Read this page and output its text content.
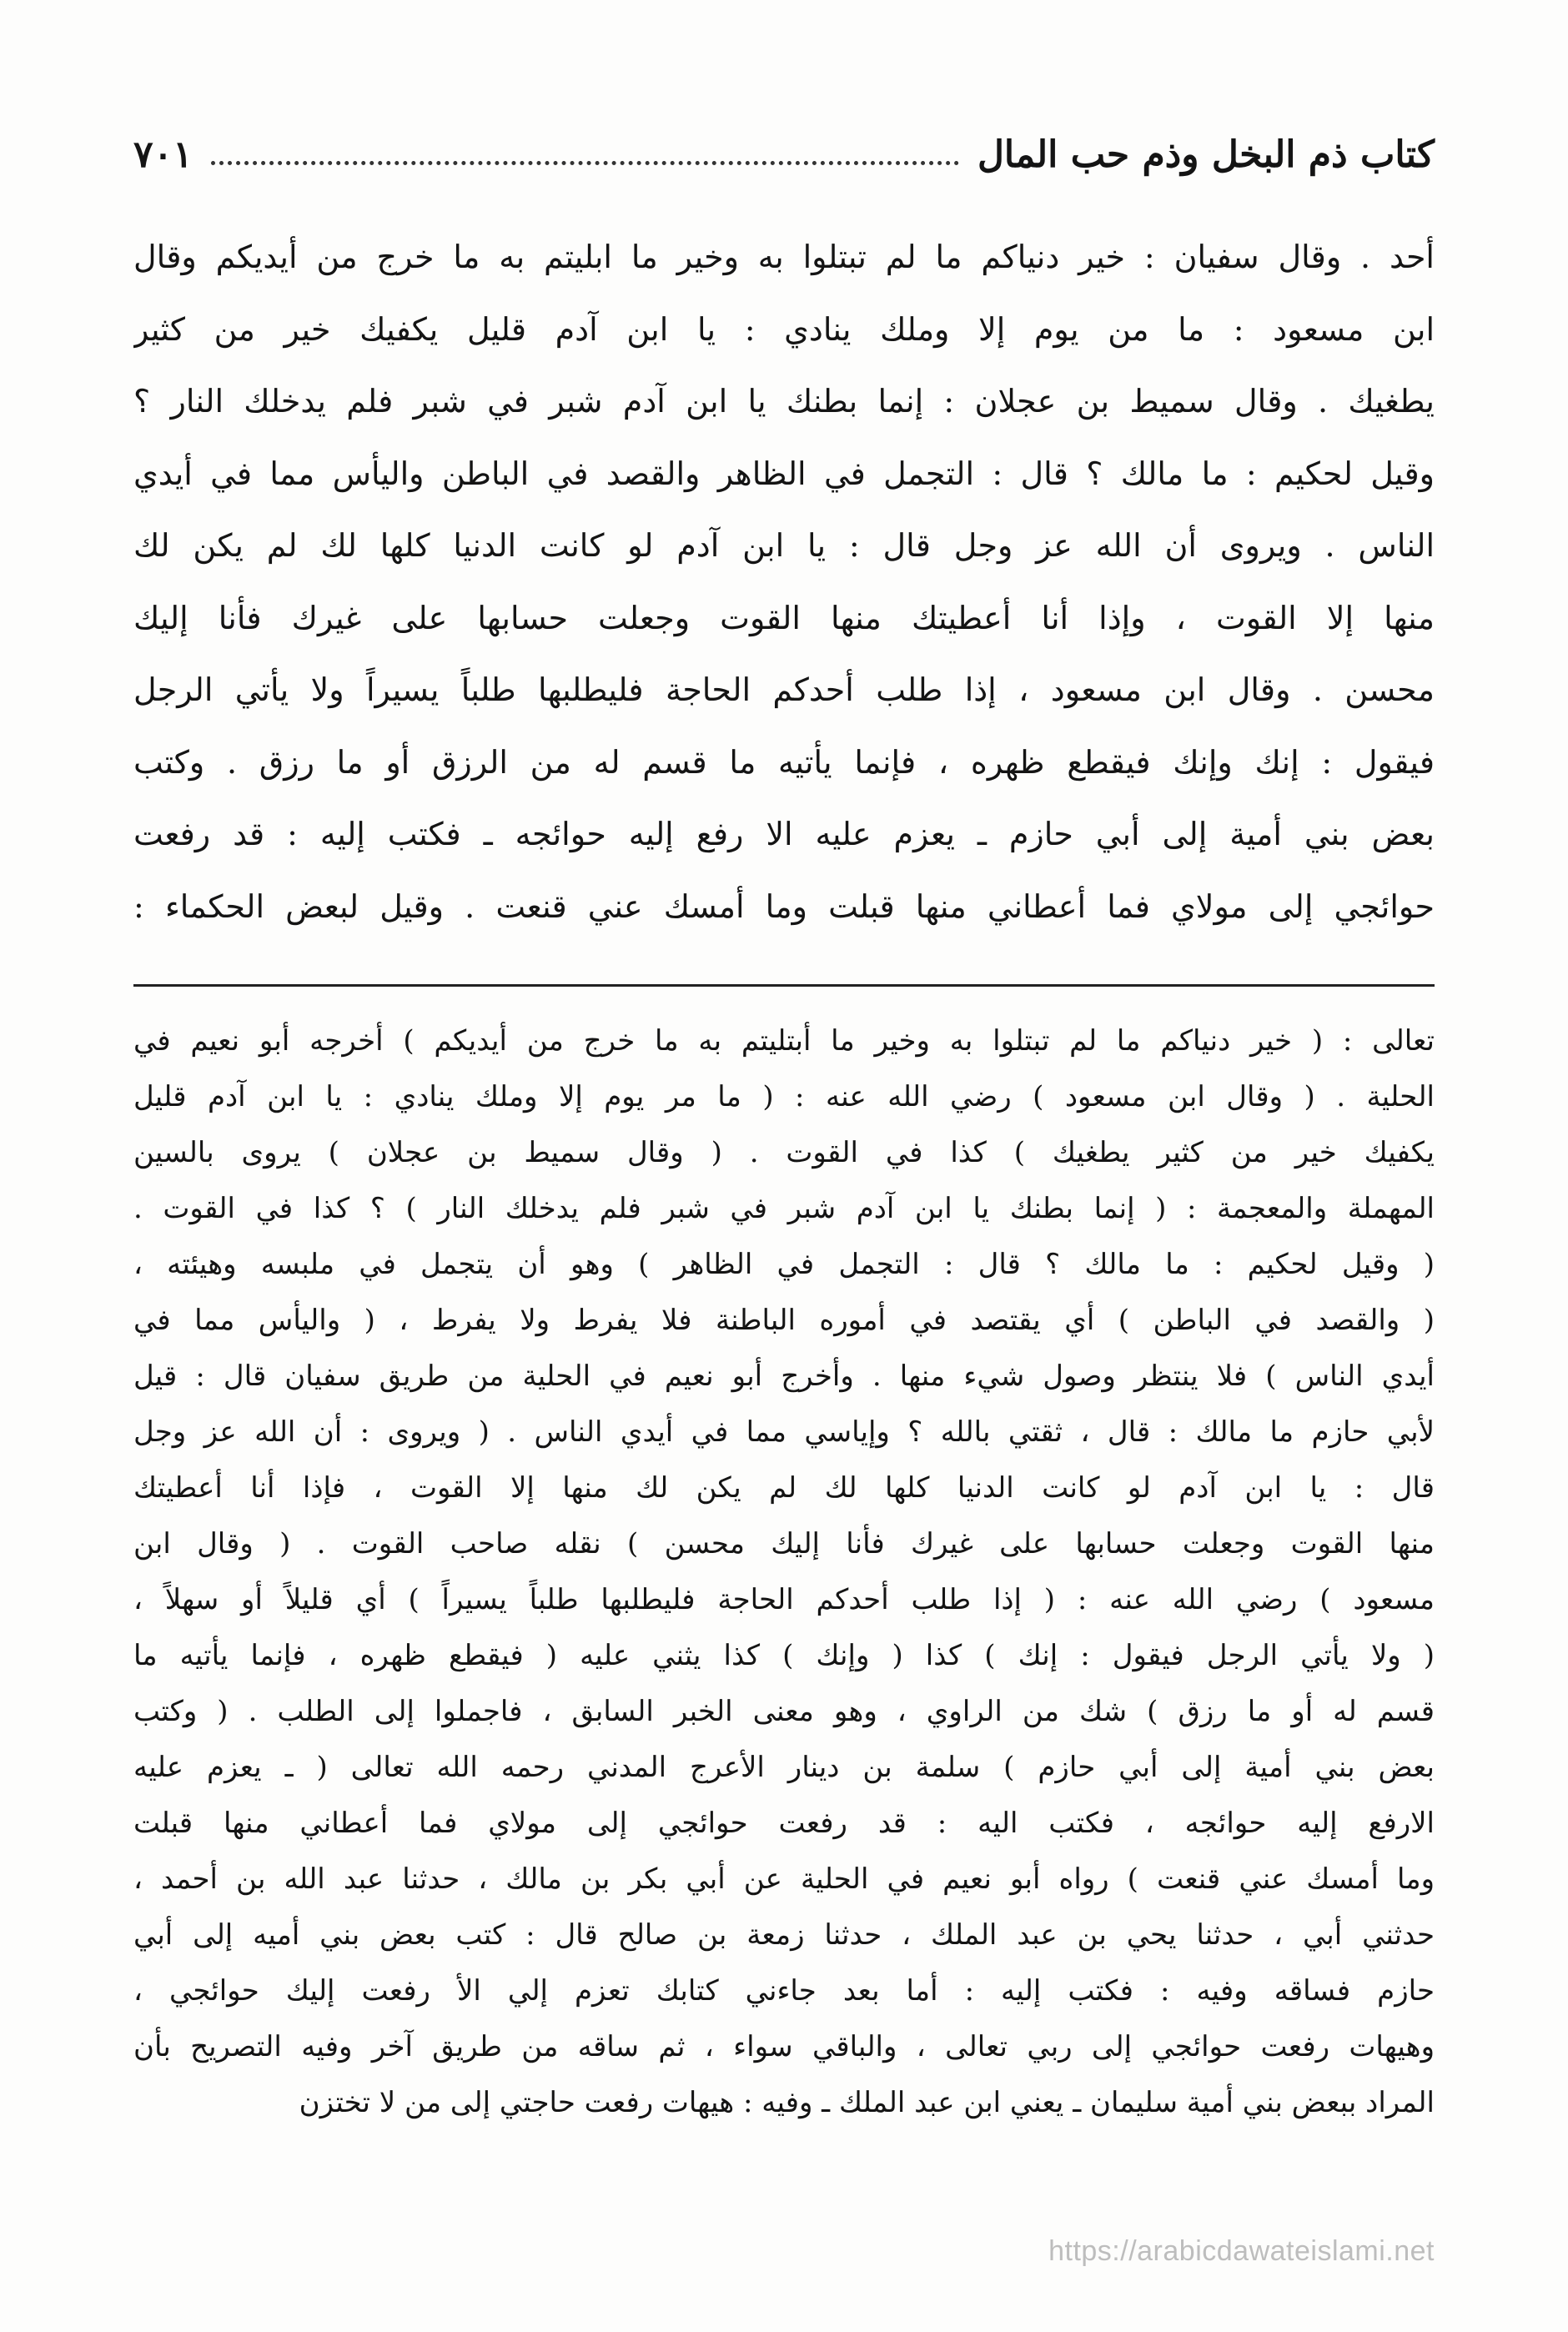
كتاب ذم البخل وذم حب المال
٧٠١
أحد . وقال سفيان : خير دنياكم ما لم تبتلوا به وخير ما ابليتم به ما خرج من أيديكم وقال
ابن مسعود : ما من يوم إلا وملك ينادي : يا ابن آدم قليل يكفيك خير من كثير
يطغيك . وقال سميط بن عجلان : إنما بطنك يا ابن آدم شبر في شبر فلم يدخلك النار ؟
وقيل لحكيم : ما مالك ؟ قال : التجمل في الظاهر والقصد في الباطن واليأس مما في أيدي
الناس . ويروى أن الله عز وجل قال : يا ابن آدم لو كانت الدنيا كلها لك لم يكن لك
منها إلا القوت ، وإذا أنا أعطيتك منها القوت وجعلت حسابها على غيرك فأنا إليك
محسن . وقال ابن مسعود ، إذا طلب أحدكم الحاجة فليطلبها طلباً يسيراً ولا يأتي الرجل
فيقول : إنك وإنك فيقطع ظهره ، فإنما يأتيه ما قسم له من الرزق أو ما رزق . وكتب
بعض بني أمية إلى أبي حازم ـ يعزم عليه الا رفع إليه حوائجه ـ فكتب إليه : قد رفعت
حوائجي إلى مولاي فما أعطاني منها قبلت وما أمسك عني قنعت . وقيل لبعض الحكماء :
تعالى : ( خير دنياكم ما لم تبتلوا به وخير ما أبتليتم به ما خرج من أيديكم ) أخرجه أبو نعيم في
الحلية . ( وقال ابن مسعود ) رضي الله عنه : ( ما مر يوم إلا وملك ينادي : يا ابن آدم قليل
يكفيك خير من كثير يطغيك ) كذا في القوت . ( وقال سميط بن عجلان ) يروى بالسين
المهملة والمعجمة : ( إنما بطنك يا ابن آدم شبر في شبر فلم يدخلك النار ) ؟ كذا في القوت .
( وقيل لحكيم : ما مالك ؟ قال : التجمل في الظاهر ) وهو أن يتجمل في ملبسه وهيئته ،
( والقصد في الباطن ) أي يقتصد في أموره الباطنة فلا يفرط ولا يفرط ، ( واليأس مما في
أيدي الناس ) فلا ينتظر وصول شيء منها . وأخرج أبو نعيم في الحلية من طريق سفيان قال : قيل
لأبي حازم ما مالك : قال ، ثقتي بالله ؟ وإياسي مما في أيدي الناس . ( ويروى : أن الله عز وجل
قال : يا ابن آدم لو كانت الدنيا كلها لك لم يكن لك منها إلا القوت ، فإذا أنا أعطيتك
منها القوت وجعلت حسابها على غيرك فأنا إليك محسن ) نقله صاحب القوت . ( وقال ابن
مسعود ) رضي الله عنه : ( إذا طلب أحدكم الحاجة فليطلبها طلباً يسيراً ) أي قليلاً أو سهلاً ،
( ولا يأتي الرجل فيقول : إنك ) كذا ( وإنك ) كذا يثني عليه ( فيقطع ظهره ، فإنما يأتيه ما
قسم له أو ما رزق ) شك من الراوي ، وهو معنى الخبر السابق ، فاجملوا إلى الطلب . ( وكتب
بعض بني أمية إلى أبي حازم ) سلمة بن دينار الأعرج المدني رحمه الله تعالى ( ـ يعزم عليه
الارفع إليه حوائجه ، فكتب اليه : قد رفعت حوائجي إلى مولاي فما أعطاني منها قبلت
وما أمسك عني قنعت ) رواه أبو نعيم في الحلية عن أبي بكر بن مالك ، حدثنا عبد الله بن أحمد ،
حدثني أبي ، حدثنا يحي بن عبد الملك ، حدثنا زمعة بن صالح قال : كتب بعض بني أميه إلى أبي
حازم فساقه وفيه : فكتب إليه : أما بعد جاءني كتابك تعزم إلي الأ رفعت إليك حوائجي ،
وهيهات رفعت حوائجي إلى ربي تعالى ، والباقي سواء ، ثم ساقه من طريق آخر وفيه التصريح بأن
المراد ببعض بني أمية سليمان ـ يعني ابن عبد الملك ـ وفيه : هيهات رفعت حاجتي إلى من لا تختزن
https://arabicdawateislami.net
